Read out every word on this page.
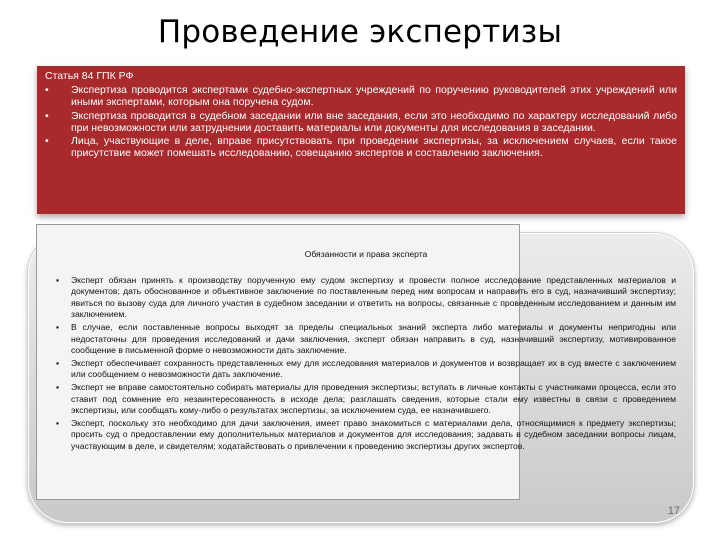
Проведение экспертизы
Статья 84 ГПК РФ
•	Экспертиза проводится экспертами судебно-экспертных учреждений по поручению руководителей этих учреждений или иными экспертами, которым она поручена судом.
•	Экспертиза проводится в судебном заседании или вне заседания, если это необходимо по характеру исследований либо при невозможности или затруднении доставить материалы или документы для исследования в заседании.
•	Лица, участвующие в деле, вправе присутствовать при проведении экспертизы, за исключением случаев, если такое присутствие может помешать исследованию, совещанию экспертов и составлению заключения.
Обязанности и права эксперта
▪ Эксперт обязан принять к производству порученную ему судом экспертизу и провести полное исследование представленных материалов и документов; дать обоснованное и объективное заключение по поставленным перед ним вопросам и направить его в суд, назначивший экспертизу; явиться по вызову суда для личного участия в судебном заседании и ответить на вопросы, связанные с проведенным исследованием и данным им заключением.
▪ В случае, если поставленные вопросы выходят за пределы специальных знаний эксперта либо материалы и документы непригодны или недостаточны для проведения исследований и дачи заключения, эксперт обязан направить в суд, назначивший экспертизу, мотивированное сообщение в письменной форме о невозможности дать заключение.
▪ Эксперт обеспечивает сохранность представленных ему для исследования материалов и документов и возвращает их в суд вместе с заключением или сообщением о невозможности дать заключение.
▪ Эксперт не вправе самостоятельно собирать материалы для проведения экспертизы; вступать в личные контакты с участниками процесса, если это ставит под сомнение его незаинтересованность в исходе дела; разглашать сведения, которые стали ему известны в связи с проведением экспертизы, или сообщать кому-либо о результатах экспертизы, за исключением суда, ее назначившего.
▪ Эксперт, поскольку это необходимо для дачи заключения, имеет право знакомиться с материалами дела, относящимися к предмету экспертизы; просить суд о предоставлении ему дополнительных материалов и документов для исследования; задавать в судебном заседании вопросы лицам, участвующим в деле, и свидетелям; ходатайствовать о привлечении к проведению экспертизы других экспертов.
17
